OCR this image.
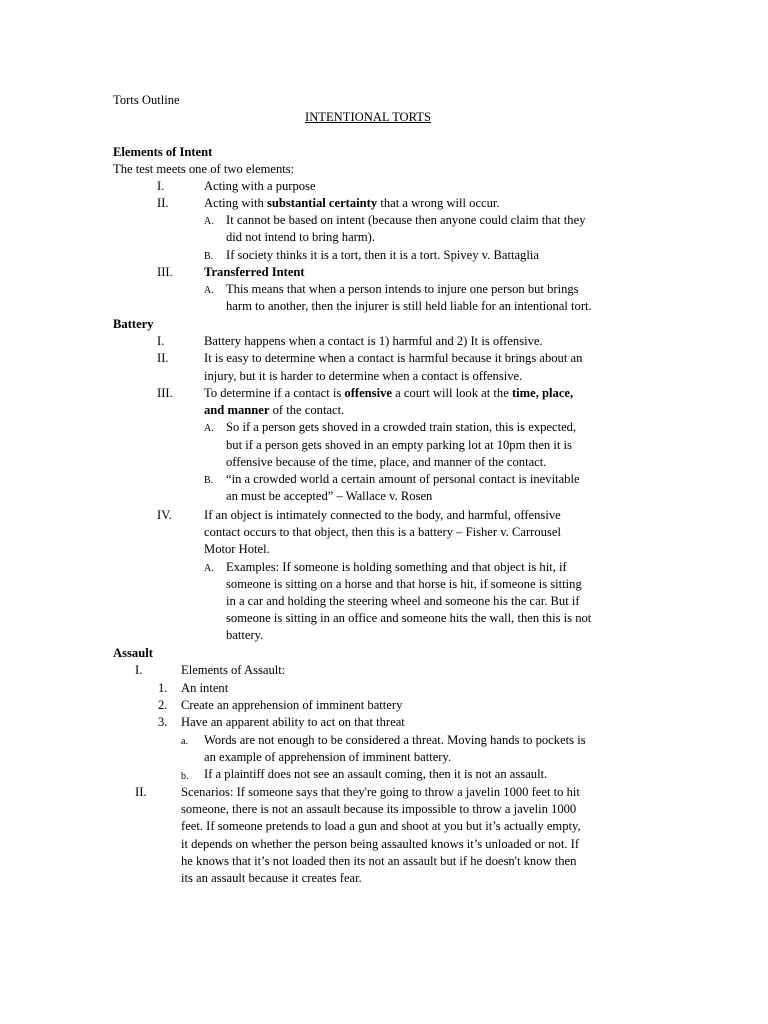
Torts Outline
INTENTIONAL TORTS
Elements of Intent
The test meets one of two elements:
I.	Acting with a purpose
II.	Acting with substantial certainty that a wrong will occur.
A. It cannot be based on intent (because then anyone could claim that they
did not intend to bring harm).
B. If society thinks it is a tort, then it is a tort. Spivey v. Battaglia
III. Transferred Intent
A. This means that when a person intends to injure one person but brings
harm to another, then the injurer is still held liable for an intentional tort.
Battery
I.	Battery happens when a contact is 1) harmful and 2) It is offensive.
II.	It is easy to determine when a contact is harmful because it brings about an
injury, but it is harder to determine when a contact is offensive.
III. To determine if a contact is offensive a court will look at the time, place,
and manner of the contact.
A. So if a person gets shoved in a crowded train station, this is expected,
but if a person gets shoved in an empty parking lot at 10pm then it is
offensive because of the time, place, and manner of the contact.
B. “in a crowded world a certain amount of personal contact is inevitable
an must be accepted” – Wallace v. Rosen
IV.	If an object is intimately connected to the body, and harmful, offensive
contact occurs to that object, then this is a battery – Fisher v. Carrousel
Motor Hotel.
A. Examples: If someone is holding something and that object is hit, if
someone is sitting on a horse and that horse is hit, if someone is sitting
in a car and holding the steering wheel and someone his the car. But if
someone is sitting in an office and someone hits the wall, then this is not
battery.
Assault
I.	Elements of Assault:
1. An intent
2. Create an apprehension of imminent battery
3. Have an apparent ability to act on that threat
a. Words are not enough to be considered a threat. Moving hands to pockets is
an example of apprehension of imminent battery.
b. If a plaintiff does not see an assault coming, then it is not an assault.
II.	Scenarios: If someone says that they're going to throw a javelin 1000 feet to hit
someone, there is not an assault because its impossible to throw a javelin 1000
feet. If someone pretends to load a gun and shoot at you but it’s actually empty,
it depends on whether the person being assaulted knows it’s unloaded or not. If
he knows that it’s not loaded then its not an assault but if he doesn't know then
its an assault because it creates fear.
